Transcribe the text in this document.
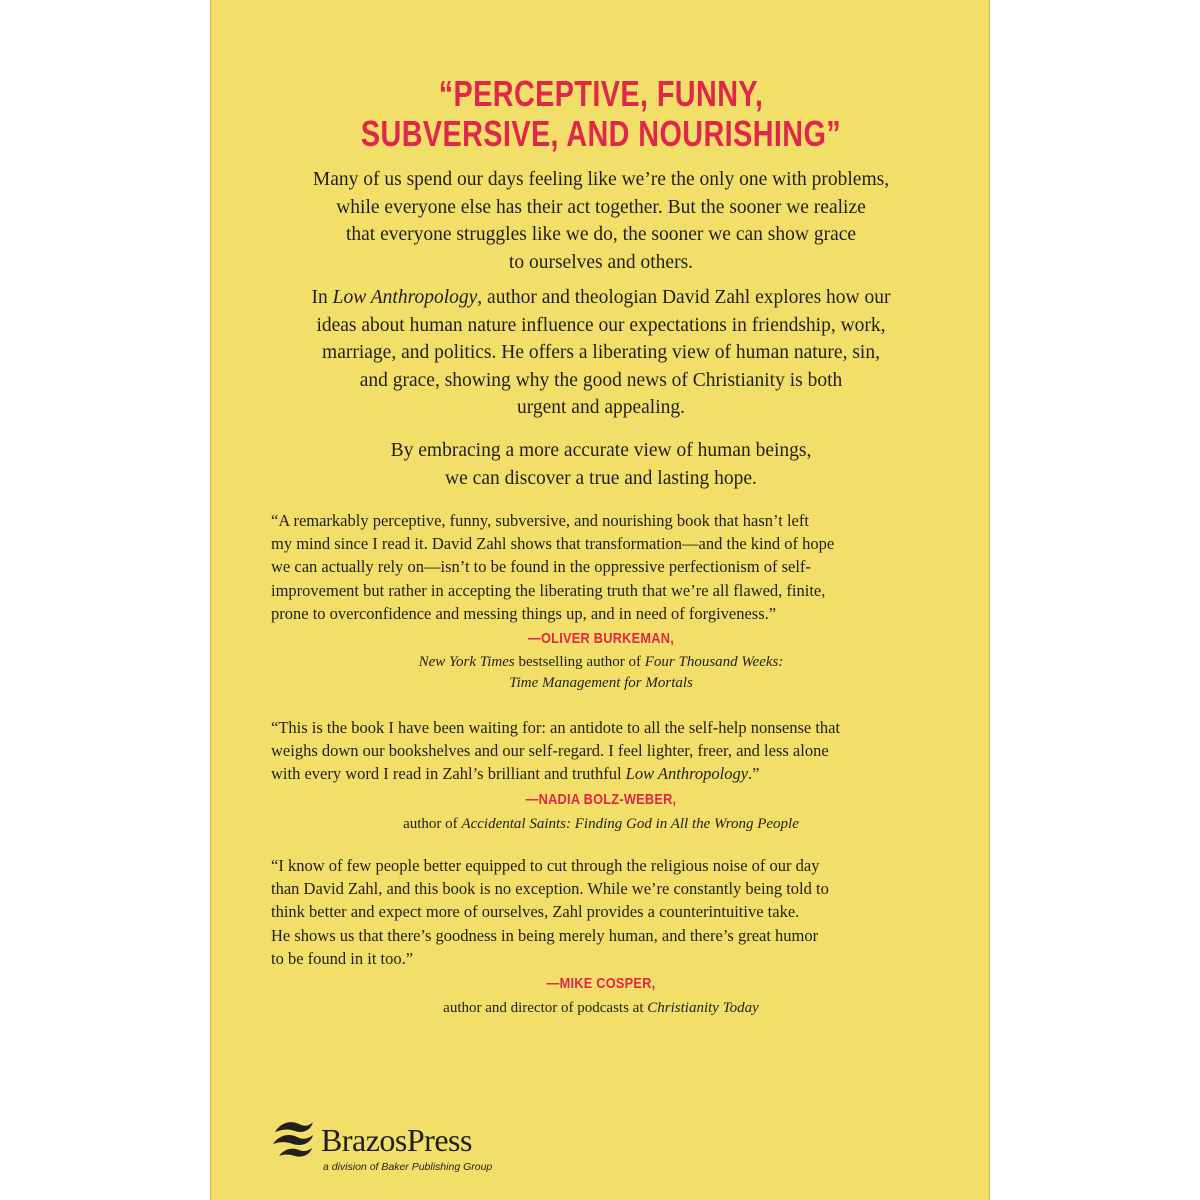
“PERCEPTIVE, FUNNY,
SUBVERSIVE, AND NOURISHING”
Many of us spend our days feeling like we’re the only one with problems,
while everyone else has their act together. But the sooner we realize
that everyone struggles like we do, the sooner we can show grace
to ourselves and others.
In Low Anthropology, author and theologian David Zahl explores how our
ideas about human nature influence our expectations in friendship, work,
marriage, and politics. He offers a liberating view of human nature, sin,
and grace, showing why the good news of Christianity is both
urgent and appealing.
By embracing a more accurate view of human beings,
we can discover a true and lasting hope.
“A remarkably perceptive, funny, subversive, and nourishing book that hasn’t left
my mind since I read it. David Zahl shows that transformation—and the kind of hope
we can actually rely on—isn’t to be found in the oppressive perfectionism of self-
improvement but rather in accepting the liberating truth that we’re all flawed, finite,
prone to overconfidence and messing things up, and in need of forgiveness.”
—OLIVER BURKEMAN,
New York Times bestselling author of Four Thousand Weeks:
Time Management for Mortals
“This is the book I have been waiting for: an antidote to all the self-help nonsense that
weighs down our bookshelves and our self-regard. I feel lighter, freer, and less alone
with every word I read in Zahl’s brilliant and truthful Low Anthropology.”
—NADIA BOLZ-WEBER,
author of Accidental Saints: Finding God in All the Wrong People
“I know of few people better equipped to cut through the religious noise of our day
than David Zahl, and this book is no exception. While we’re constantly being told to
think better and expect more of ourselves, Zahl provides a counterintuitive take.
He shows us that there’s goodness in being merely human, and there’s great humor
to be found in it too.”
—MIKE COSPER,
author and director of podcasts at Christianity Today
BrazosPress
a division of Baker Publishing Group
